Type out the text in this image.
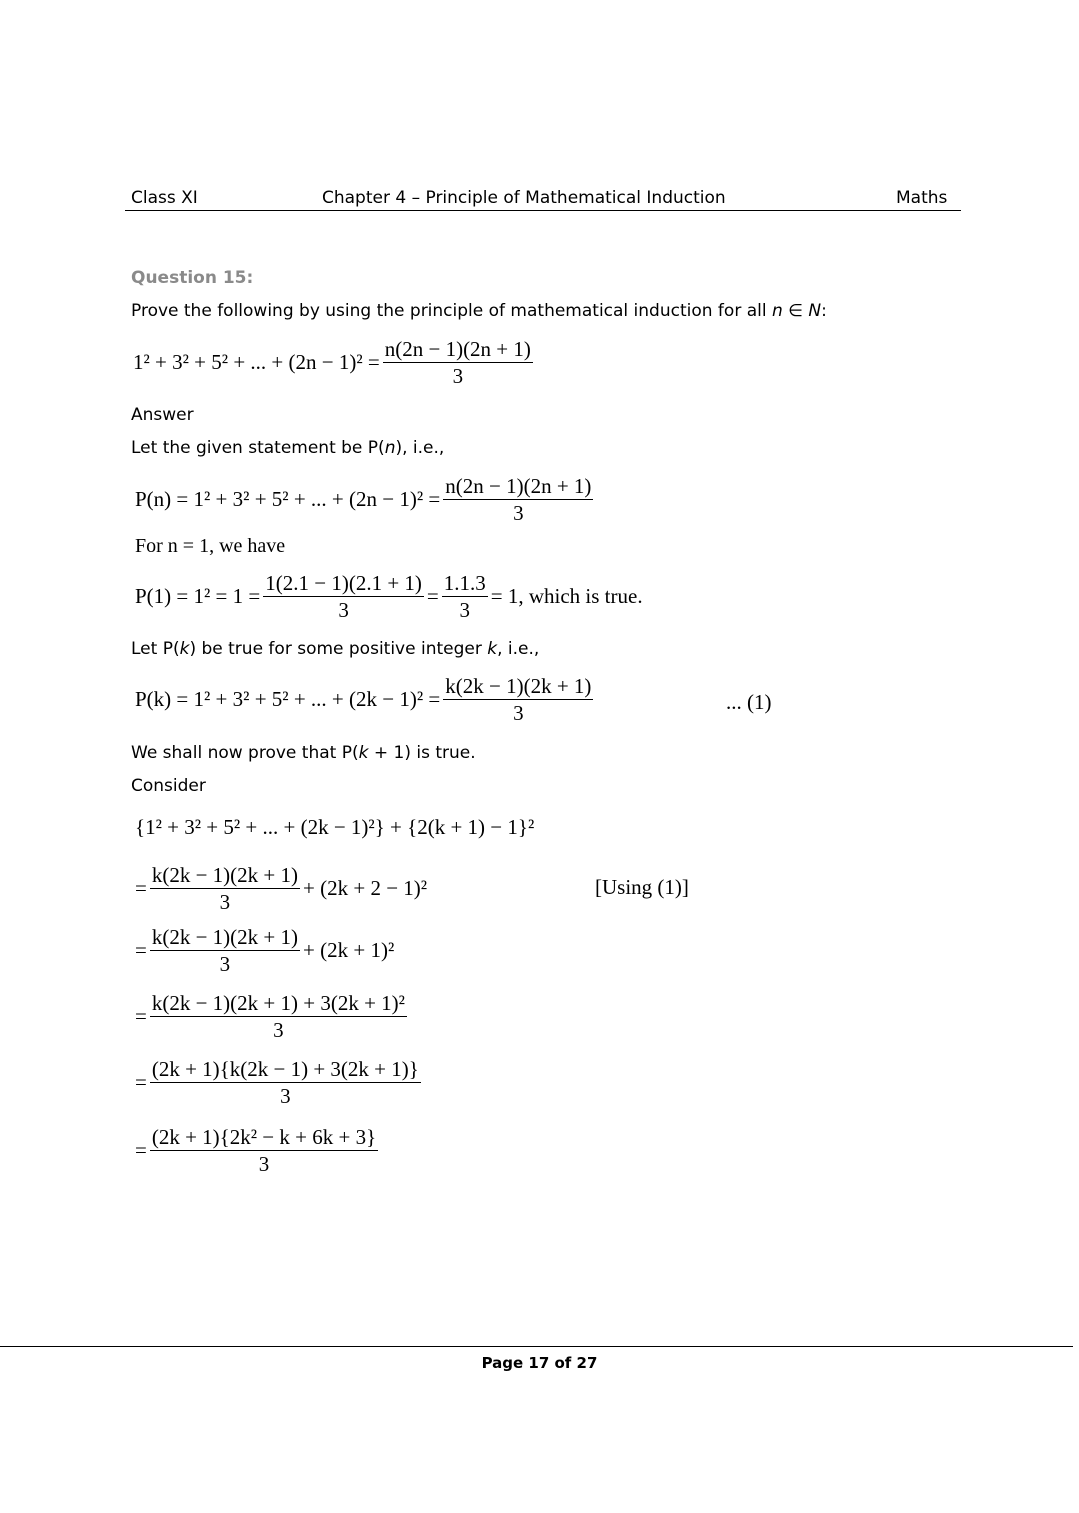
Class XI	Chapter 4 – Principle of Mathematical Induction	Maths
Question 15:
Prove the following by using the principle of mathematical induction for all n ∈ N:
1² + 3² + 5² + ... + $(2n - 1)^2 = \frac{n(2n - 1)(2n + 1)}{3}$
Answer
Let the given statement be P(n), i.e.,
P(n) = 1² + 3² + 5² + ... + $(2n - 1)^2 = \frac{n(2n - 1)(2n + 1)}{3}$
For n = 1, we have
$P(1) = 1^2 = 1 = \frac{1(2.1 - 1)(2.1 + 1)}{3} = \frac{1.1.3}{3} = 1$, which is true.
Let P(k) be true for some positive integer k, i.e.,
P(k) = 1² + 3² + 5² + ... + $(2k - 1)^2 = \frac{k(2k - 1)(2k + 1)}{3}$	... (1)
We shall now prove that P(k + 1) is true.
Consider
{1² + 3² + 5² + ... + (2k − 1)²} + {2(k + 1) − 1}²
= $\frac{k(2k - 1)(2k + 1)}{3} + (2k + 2 - 1)^2$	[Using (1)]
= $\frac{k(2k - 1)(2k + 1)}{3} + (2k + 1)^2$
= $\frac{\text{k(2k − 1)(2k + 1) + 3(2k + 1)²}}{3}$
= $\frac{(2k + 1)\{k(2k - 1) + 3(2k + 1)\}}{3}$
= $\frac{\text{(2k + 1)\{2k² − k + 6k + 3\}}}{3}$
Page 17 of 27
